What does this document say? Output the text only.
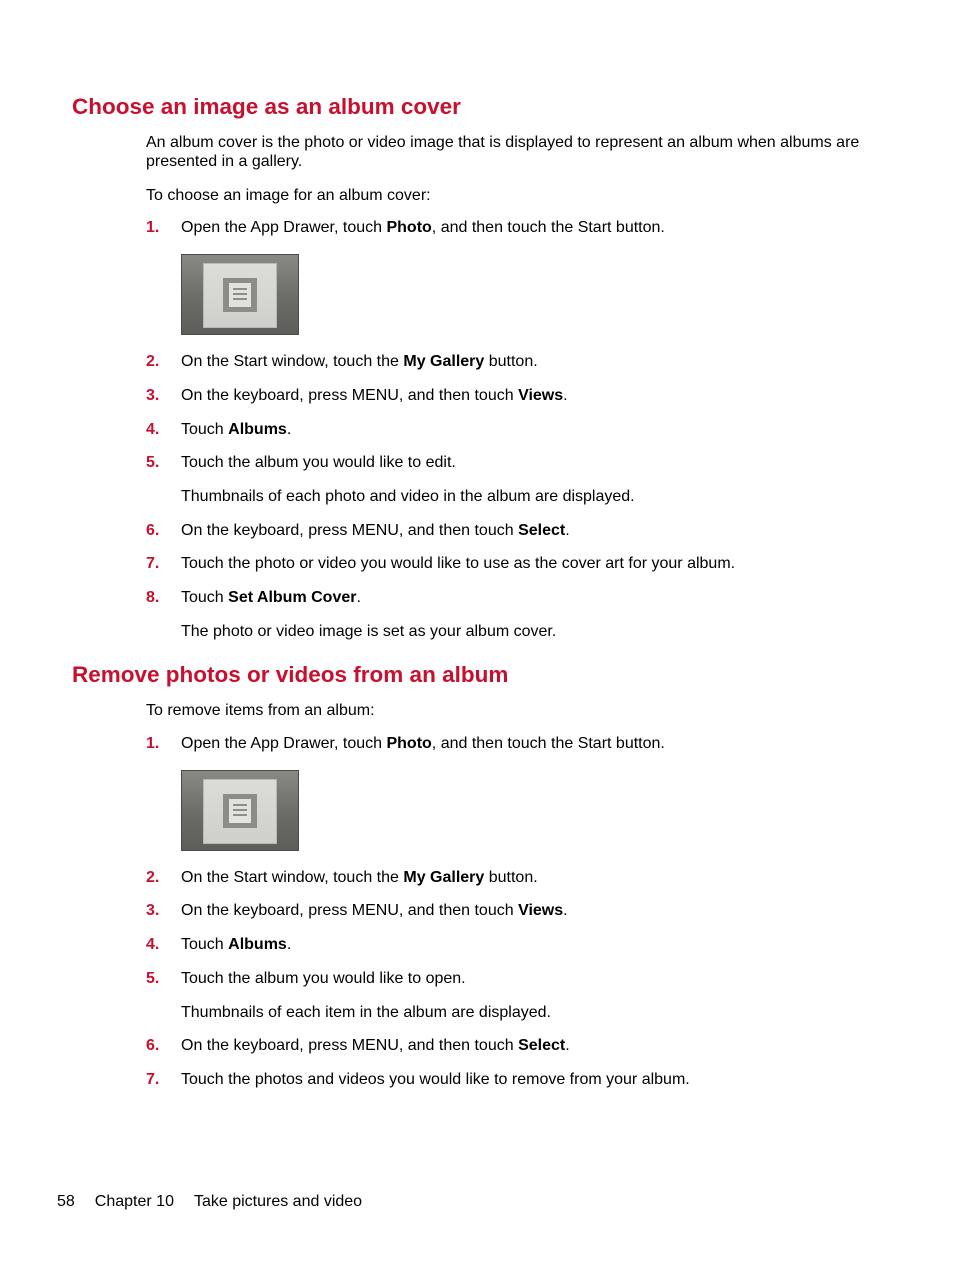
Choose an image as an album cover
An album cover is the photo or video image that is displayed to represent an album when albums are presented in a gallery.
To choose an image for an album cover:
1. Open the App Drawer, touch Photo, and then touch the Start button.
2. On the Start window, touch the My Gallery button.
3. On the keyboard, press MENU, and then touch Views.
4. Touch Albums.
5. Touch the album you would like to edit.
Thumbnails of each photo and video in the album are displayed.
6. On the keyboard, press MENU, and then touch Select.
7. Touch the photo or video you would like to use as the cover art for your album.
8. Touch Set Album Cover.
The photo or video image is set as your album cover.
Remove photos or videos from an album
To remove items from an album:
1. Open the App Drawer, touch Photo, and then touch the Start button.
2. On the Start window, touch the My Gallery button.
3. On the keyboard, press MENU, and then touch Views.
4. Touch Albums.
5. Touch the album you would like to open.
Thumbnails of each item in the album are displayed.
6. On the keyboard, press MENU, and then touch Select.
7. Touch the photos and videos you would like to remove from your album.
58 Chapter 10 Take pictures and video
